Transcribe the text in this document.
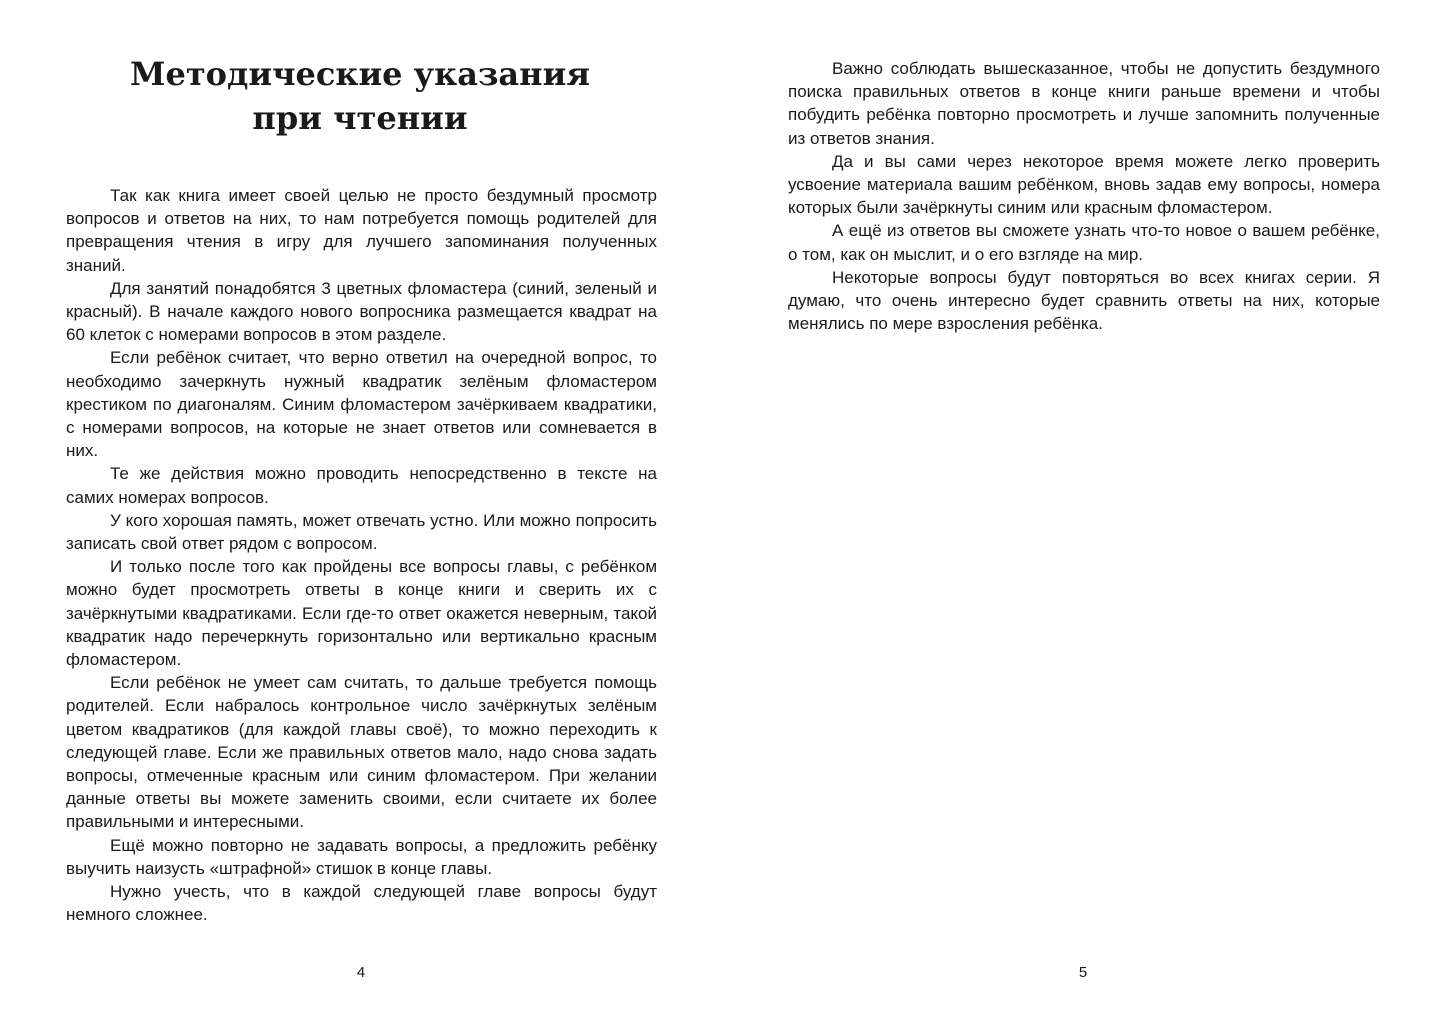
Методические указания
при чтении

Так как книга имеет своей целью не просто бездумный просмотр вопросов и ответов на них, то нам потребуется помощь родителей для превращения чтения в игру для лучшего запоминания полученных знаний.

Для занятий понадобятся 3 цветных фломастера (синий, зеленый и красный). В начале каждого нового вопросника размещается квадрат на 60 клеток с номерами вопросов в этом разделе.

Если ребёнок считает, что верно ответил на очередной вопрос, то необходимо зачеркнуть нужный квадратик зелёным фломастером крестиком по диагоналям. Синим фломастером зачёркиваем квадратики, с номерами вопросов, на которые не знает ответов или сомневается в них.

Те же действия можно проводить непосредственно в тексте на самих номерах вопросов.

У кого хорошая память, может отвечать устно. Или можно попросить записать свой ответ рядом с вопросом.

И только после того как пройдены все вопросы главы, с ребёнком можно будет просмотреть ответы в конце книги и сверить их с зачёркнутыми квадратиками. Если где-то ответ окажется неверным, такой квадратик надо перечеркнуть горизонтально или вертикально красным фломастером.

Если ребёнок не умеет сам считать, то дальше требуется помощь родителей. Если набралось контрольное число зачёркнутых зелёным цветом квадратиков (для каждой главы своё), то можно переходить к следующей главе. Если же правильных ответов мало, надо снова задать вопросы, отмеченные красным или синим фломастером. При желании данные ответы вы можете заменить своими, если считаете их более правильными и интересными.

Ещё можно повторно не задавать вопросы, а предложить ребёнку выучить наизусть «штрафной» стишок в конце главы.

Нужно учесть, что в каждой следующей главе вопросы будут немного сложнее.

4

Важно соблюдать вышесказанное, чтобы не допустить бездумного поиска правильных ответов в конце книги раньше времени и чтобы побудить ребёнка повторно просмотреть и лучше запомнить полученные из ответов знания.

Да и вы сами через некоторое время можете легко проверить усвоение материала вашим ребёнком, вновь задав ему вопросы, номера которых были зачёркнуты синим или красным фломастером.

А ещё из ответов вы сможете узнать что-то новое о вашем ребёнке, о том, как он мыслит, и о его взгляде на мир.

Некоторые вопросы будут повторяться во всех книгах серии. Я думаю, что очень интересно будет сравнить ответы на них, которые менялись по мере взросления ребёнка.

5
